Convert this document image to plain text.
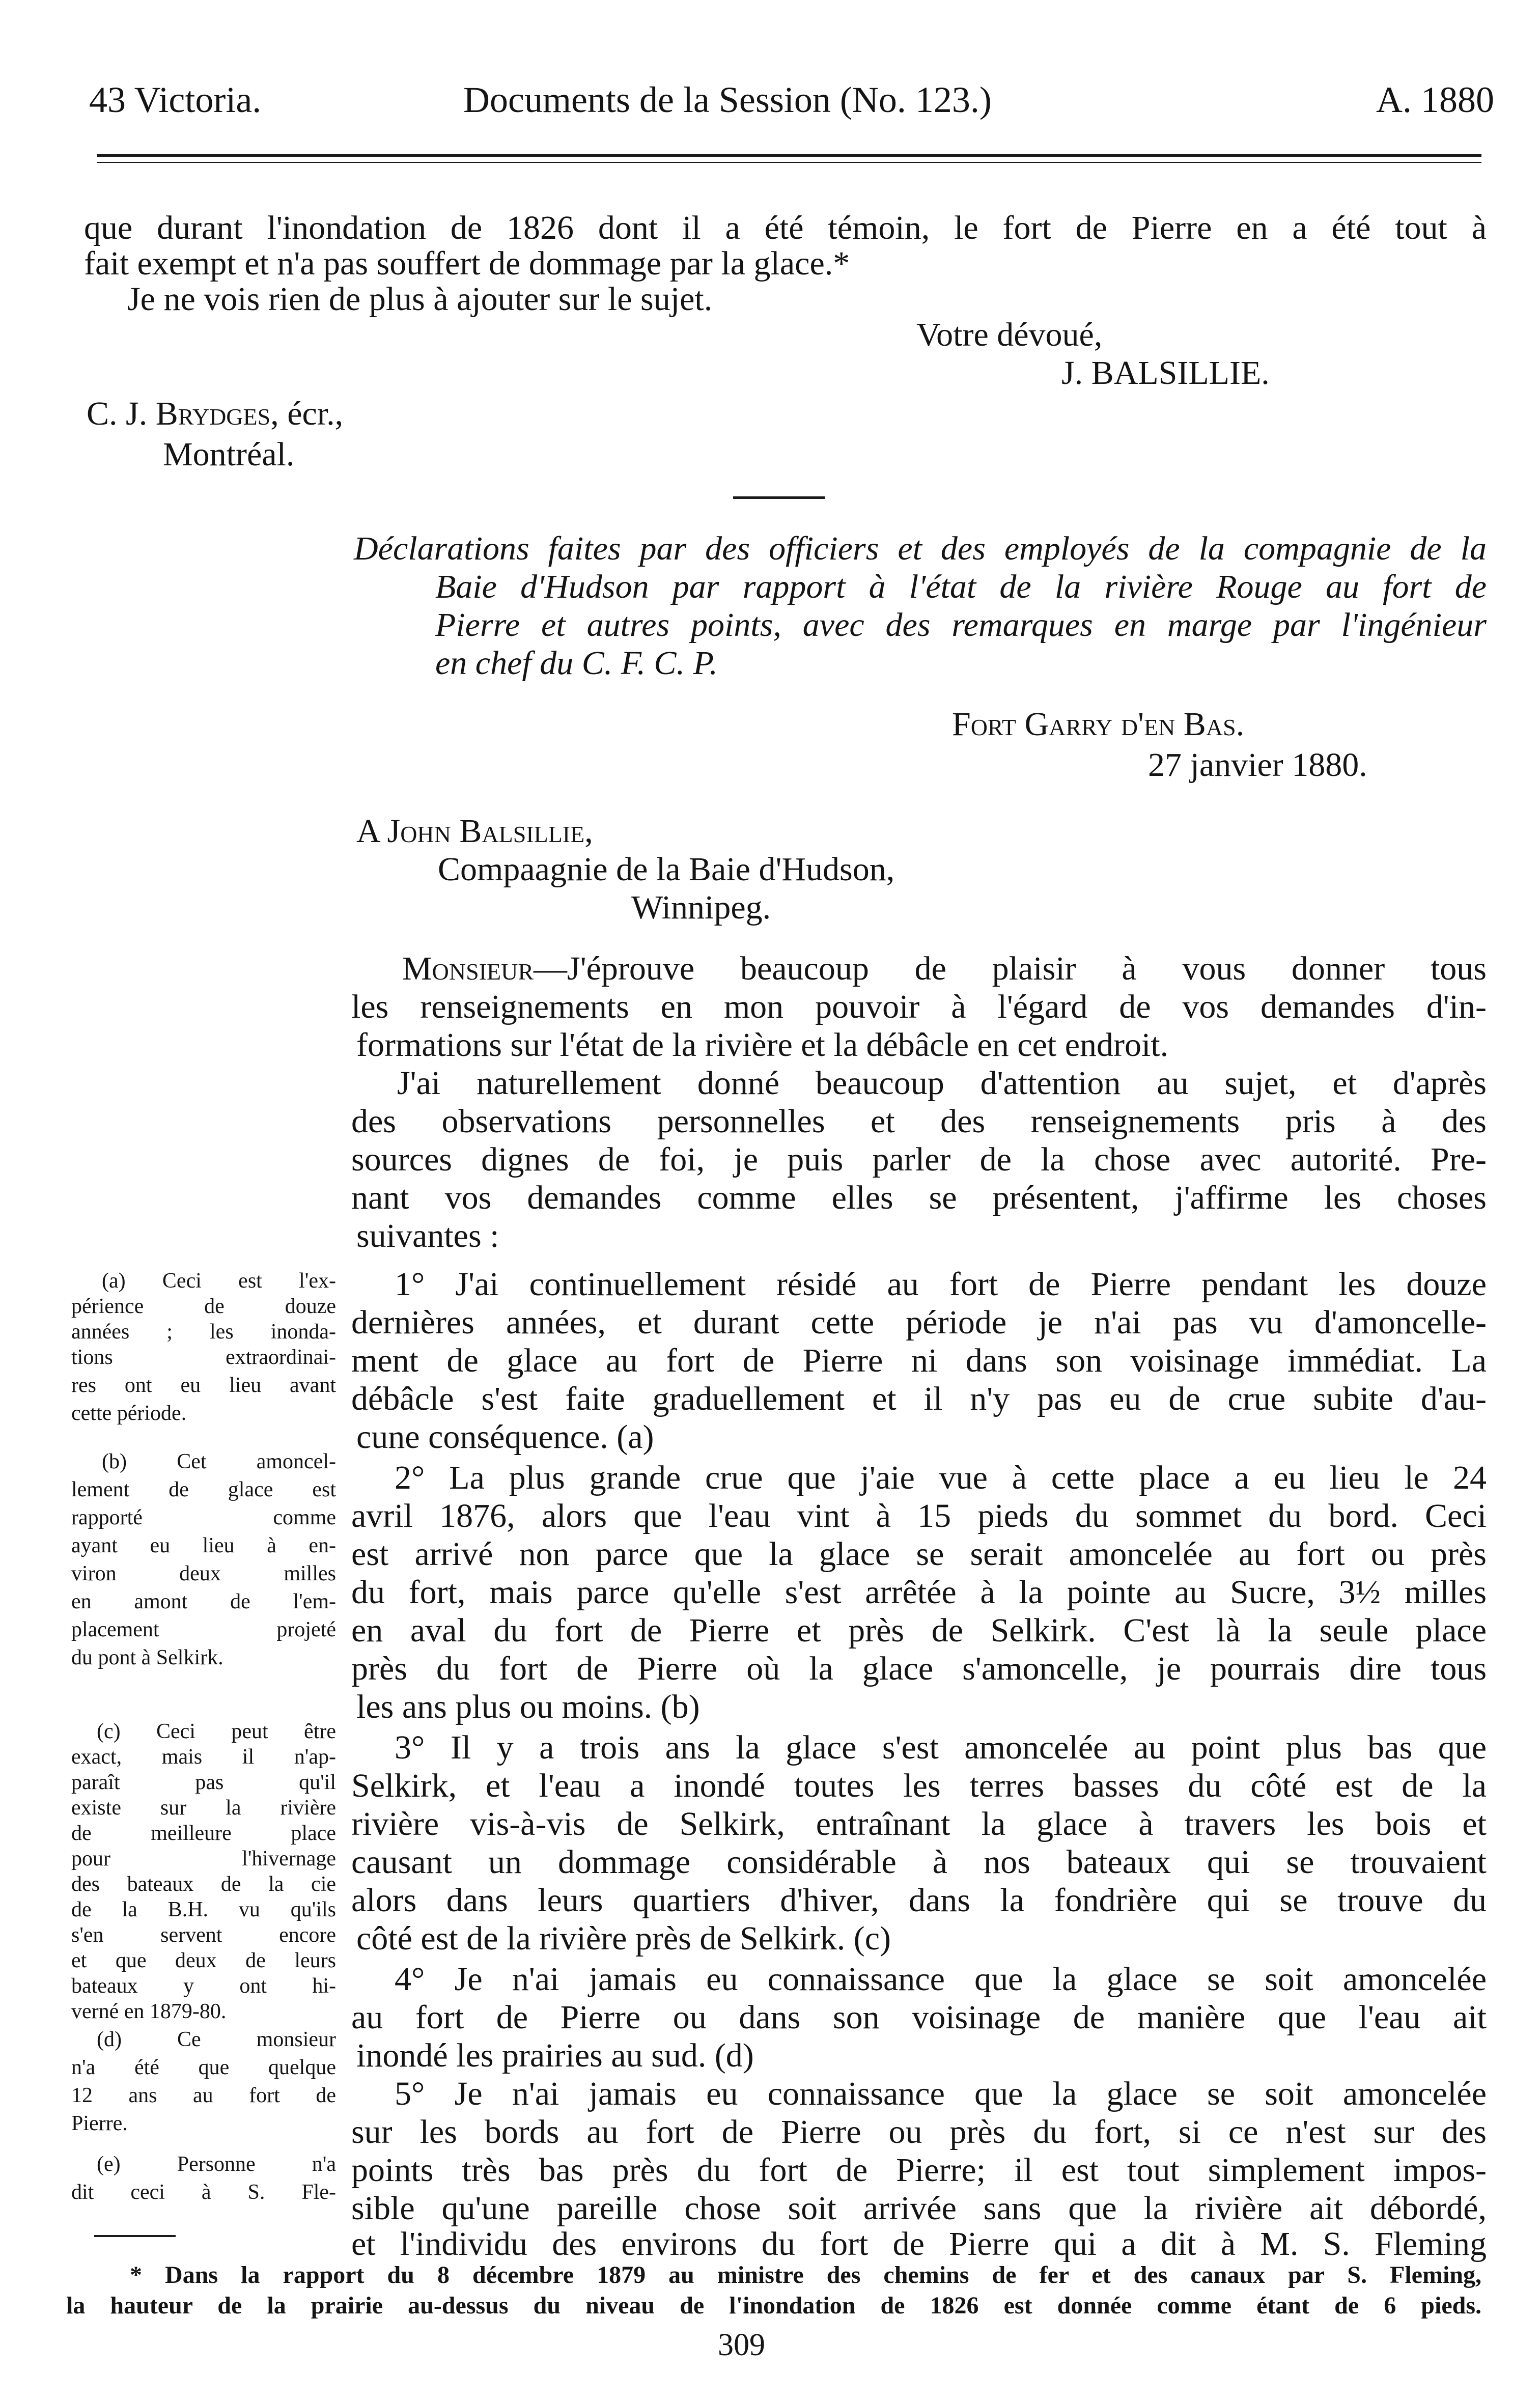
43 Victoria.	Documents de la Session (No. 123.)	A. 1880
que durant l'inondation de 1826 dont il a été témoin, le fort de Pierre en a été tout à
fait exempt et n'a pas souffert de dommage par la glace.*
Je ne vois rien de plus à ajouter sur le sujet.
Votre dévoué,
J. BALSILLIE.
C. J. Brydges, écr.,
Montréal.
Déclarations faites par des officiers et des employés de la compagnie de la
Baie d'Hudson par rapport à l'état de la rivière Rouge au fort de
Pierre et autres points, avec des remarques en marge par l'ingénieur
en chef du C. F. C. P.
Fort Garry d'en Bas.
27 janvier 1880.
A John Balsillie,
Compaagnie de la Baie d'Hudson,
Winnipeg.
Monsieur—J'éprouve beaucoup de plaisir à vous donner tous
les renseignements en mon pouvoir à l'égard de vos demandes d'in-
formations sur l'état de la rivière et la débâcle en cet endroit.
J'ai naturellement donné beaucoup d'attention au sujet, et d'après
des observations personnelles et des renseignements pris à des
sources dignes de foi, je puis parler de la chose avec autorité. Pre-
nant vos demandes comme elles se présentent, j'affirme les choses
suivantes :
1° J'ai continuellement résidé au fort de Pierre pendant les douze
dernières années, et durant cette période je n'ai pas vu d'amoncelle-
ment de glace au fort de Pierre ni dans son voisinage immédiat. La
débâcle s'est faite graduellement et il n'y pas eu de crue subite d'au-
cune conséquence. (a)
2° La plus grande crue que j'aie vue à cette place a eu lieu le 24
avril 1876, alors que l'eau vint à 15 pieds du sommet du bord. Ceci
est arrivé non parce que la glace se serait amoncelée au fort ou près
du fort, mais parce qu'elle s'est arrêtée à la pointe au Sucre, 3½ milles
en aval du fort de Pierre et près de Selkirk. C'est là la seule place
près du fort de Pierre où la glace s'amoncelle, je pourrais dire tous
les ans plus ou moins. (b)
3° Il y a trois ans la glace s'est amoncelée au point plus bas que
Selkirk, et l'eau a inondé toutes les terres basses du côté est de la
rivière vis-à-vis de Selkirk, entraînant la glace à travers les bois et
causant un dommage considérable à nos bateaux qui se trouvaient
alors dans leurs quartiers d'hiver, dans la fondrière qui se trouve du
côté est de la rivière près de Selkirk. (c)
4° Je n'ai jamais eu connaissance que la glace se soit amoncelée
au fort de Pierre ou dans son voisinage de manière que l'eau ait
inondé les prairies au sud. (d)
5° Je n'ai jamais eu connaissance que la glace se soit amoncelée
sur les bords au fort de Pierre ou près du fort, si ce n'est sur des
points très bas près du fort de Pierre; il est tout simplement impos-
sible qu'une pareille chose soit arrivée sans que la rivière ait débordé,
et l'individu des environs du fort de Pierre qui a dit à M. S. Fleming
(a) Ceci est l'ex-
périence de douze
années ; les inonda-
tions extraordinai-
res ont eu lieu avant
cette période.
(b) Cet amoncel-
lement de glace est
rapporté comme
ayant eu lieu à en-
viron deux milles
en amont de l'em-
placement projeté
du pont à Selkirk.
(c) Ceci peut être
exact, mais il n'ap-
paraît pas qu'il
existe sur la rivière
de meilleure place
pour l'hivernage
des bateaux de la cie
de la B.H. vu qu'ils
s'en servent encore
et que deux de leurs
bateaux y ont hi-
verné en 1879-80.
(d) Ce monsieur
n'a été que quelque
12 ans au fort de
Pierre.
(e) Personne n'a
dit ceci à S. Fle-
* Dans la rapport du 8 décembre 1879 au ministre des chemins de fer et des canaux par S. Fleming,
la hauteur de la prairie au-dessus du niveau de l'inondation de 1826 est donnée comme étant de 6 pieds.
309
